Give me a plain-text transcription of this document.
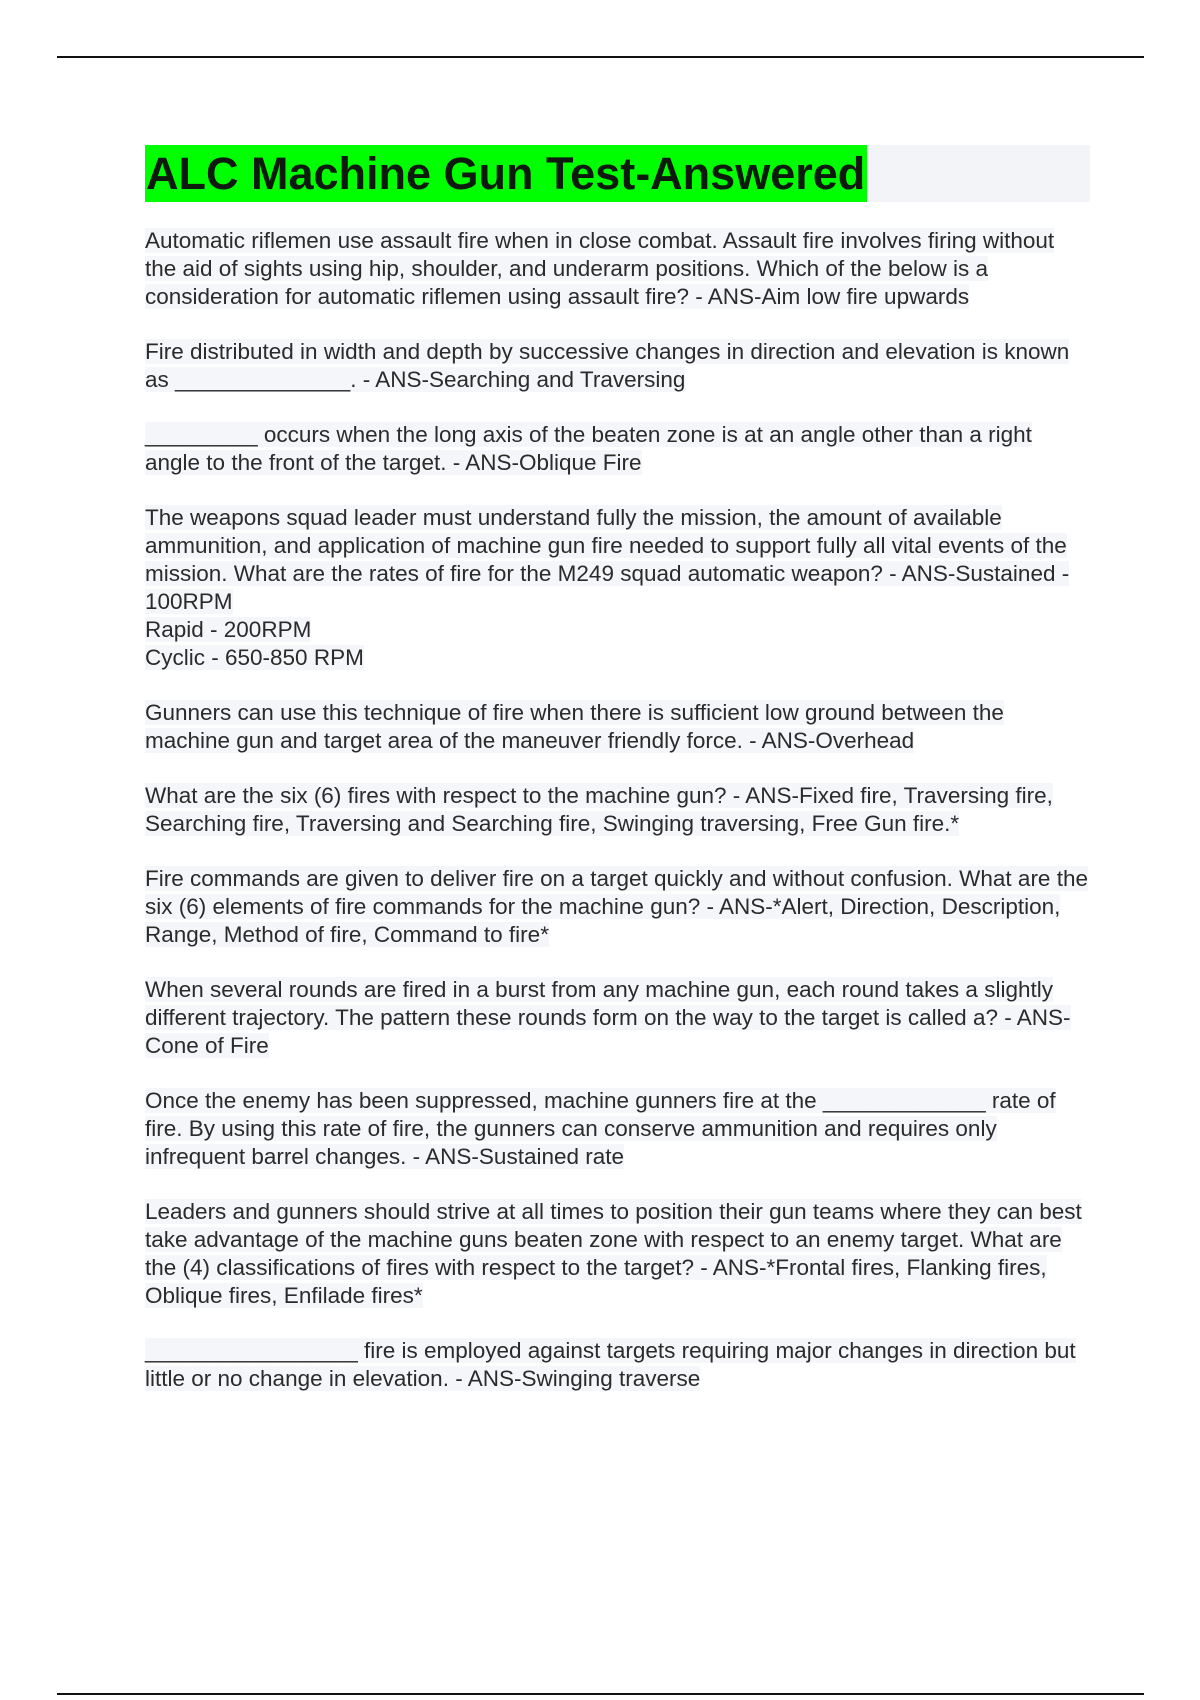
ALC Machine Gun Test-Answered

Automatic riflemen use assault fire when in close combat. Assault fire involves firing without the aid of sights using hip, shoulder, and underarm positions. Which of the below is a consideration for automatic riflemen using assault fire? - ANS-Aim low fire upwards

Fire distributed in width and depth by successive changes in direction and elevation is known as ______________. - ANS-Searching and Traversing

_________ occurs when the long axis of the beaten zone is at an angle other than a right angle to the front of the target. - ANS-Oblique Fire

The weapons squad leader must understand fully the mission, the amount of available ammunition, and application of machine gun fire needed to support fully all vital events of the mission. What are the rates of fire for the M249 squad automatic weapon? - ANS-Sustained - 100RPM
Rapid - 200RPM
Cyclic - 650-850 RPM

Gunners can use this technique of fire when there is sufficient low ground between the machine gun and target area of the maneuver friendly force. - ANS-Overhead

What are the six (6) fires with respect to the machine gun? - ANS-Fixed fire, Traversing fire, Searching fire, Traversing and Searching fire, Swinging traversing, Free Gun fire.*

Fire commands are given to deliver fire on a target quickly and without confusion. What are the six (6) elements of fire commands for the machine gun? - ANS-*Alert, Direction, Description, Range, Method of fire, Command to fire*

When several rounds are fired in a burst from any machine gun, each round takes a slightly different trajectory. The pattern these rounds form on the way to the target is called a? - ANS-Cone of Fire

Once the enemy has been suppressed, machine gunners fire at the _____________ rate of fire. By using this rate of fire, the gunners can conserve ammunition and requires only infrequent barrel changes. - ANS-Sustained rate

Leaders and gunners should strive at all times to position their gun teams where they can best take advantage of the machine guns beaten zone with respect to an enemy target. What are the (4) classifications of fires with respect to the target? - ANS-*Frontal fires, Flanking fires, Oblique fires, Enfilade fires*

_________________ fire is employed against targets requiring major changes in direction but little or no change in elevation. - ANS-Swinging traverse
